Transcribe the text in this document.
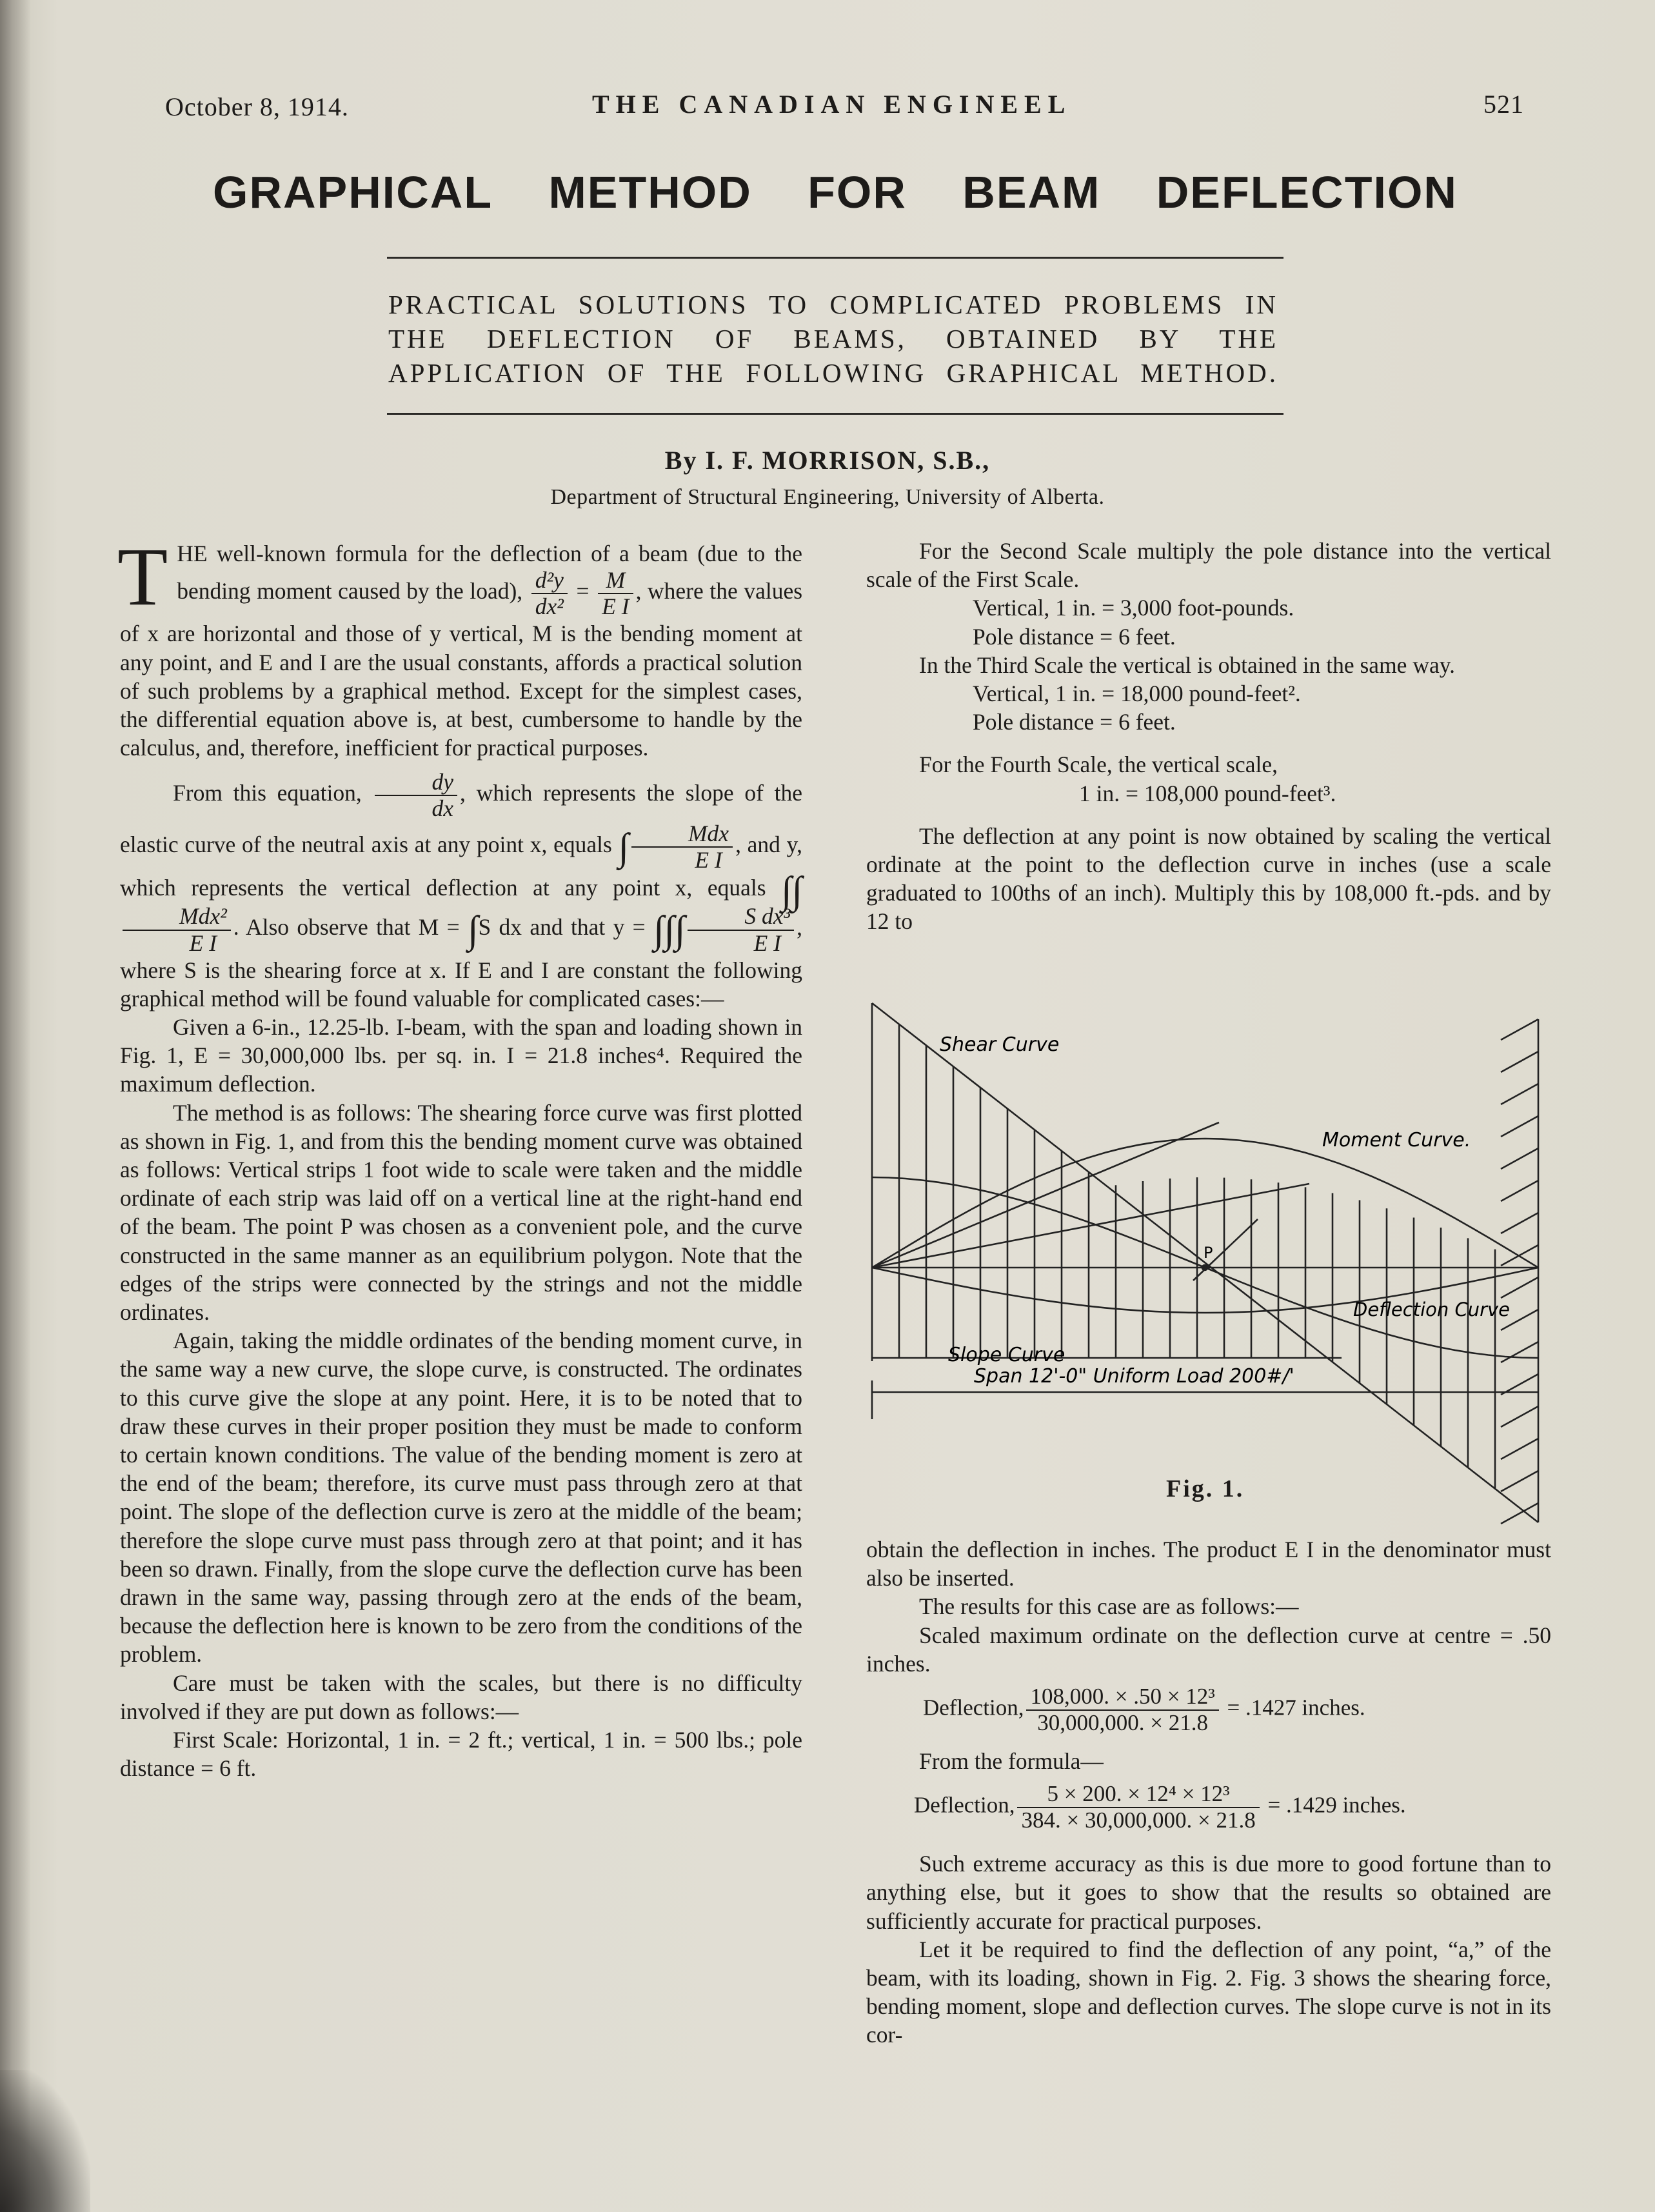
October 8, 1914.	THE CANADIAN ENGINEEL	521
GRAPHICAL METHOD FOR BEAM DEFLECTION
PRACTICAL SOLUTIONS TO COMPLICATED PROBLEMS IN THE DEFLECTION OF BEAMS, OBTAINED BY THE APPLICATION OF THE FOLLOWING GRAPHICAL METHOD.
By I. F. MORRISON, S.B.,
Department of Structural Engineering, University of Alberta.

THE well-known formula for the deflection of a beam (due to the bending moment caused by the load), $\frac{\text{d²y}}{\text{dx²}} = \frac{M}{\text{E I}}$ , where the values of x are horizontal and those of y vertical, M is the bending moment at any point, and E and I are the usual constants, affords a practical solution of such problems by a graphical method. Except for the simplest cases, the differential equation above is, at best, cumbersome to handle by the calculus, and, therefore, inefficient for practical purposes.

From this equation, $\frac{dy}{dx}$ , which represents the slope of the elastic curve of the neutral axis at any point x, equals ∫ $\frac{\text{Mdx}}{\text{E I}}$ , and y, which represents the vertical deflection at any point x, equals ∫∫
$\frac{\text{Mdx²}}{\text{E I}}$ . Also observe that M = ∫S dx and that y = ∫∫∫ $\frac{\text{S dx³}}{\text{E I}}$ , where S is the shearing force at x. If E and I are constant the following graphical method will be found valuable for complicated cases:—

Given a 6-in., 12.25-lb. I-beam, with the span and loading shown in Fig. 1, E = 30,000,000 lbs. per sq. in. I = 21.8 inches⁴. Required the maximum deflection.

The method is as follows: The shearing force curve was first plotted as shown in Fig. 1, and from this the bending moment curve was obtained as follows: Vertical strips 1 foot wide to scale were taken and the middle ordinate of each strip was laid off on a vertical line at the right-hand end of the beam. The point P was chosen as a convenient pole, and the curve constructed in the same manner as an equilibrium polygon. Note that the edges of the strips were connected by the strings and not the middle ordinates.

Again, taking the middle ordinates of the bending moment curve, in the same way a new curve, the slope curve, is constructed. The ordinates to this curve give the slope at any point. Here, it is to be noted that to draw these curves in their proper position they must be made to conform to certain known conditions. The value of the bending moment is zero at the end of the beam; therefore, its curve must pass through zero at that point. The slope of the deflection curve is zero at the middle of the beam; therefore the slope curve must pass through zero at that point; and it has been so drawn. Finally, from the slope curve the deflection curve has been drawn in the same way, passing through zero at the ends of the beam, because the deflection here is known to be zero from the conditions of the problem.

Care must be taken with the scales, but there is no difficulty involved if they are put down as follows:—

First Scale: Horizontal, 1 in. = 2 ft.; vertical, 1 in. = 500 lbs.; pole distance = 6 ft.

For the Second Scale multiply the pole distance into the vertical scale of the First Scale.

Vertical, 1 in. = 3,000 foot-pounds.

Pole distance = 6 feet.

In the Third Scale the vertical is obtained in the same way.

Vertical, 1 in. = 18,000 pound-feet².

Pole distance = 6 feet.

For the Fourth Scale, the vertical scale,

1 in. = 108,000 pound-feet³.

The deflection at any point is now obtained by scaling the vertical ordinate at the point to the deflection curve in inches (use a scale graduated to 100ths of an inch). Multiply this by 108,000 ft.-pds. and by 12 to

Shear Curve
Moment Curve.
Deflection Curve
Slope Curve
Span 12'-0" Uniform Load 200#/'
P
Fig. 1.

obtain the deflection in inches. The product E I in the denominator must also be inserted.

The results for this case are as follows:—

Scaled maximum ordinate on the deflection curve at centre = .50 inches.

Deflection, $\frac{\text{108,000. × .50 × 12³}}{30,000,000. \times 21.8} = .1427$ inches.

From the formula—

Deflection, $\frac{\text{5 × 200. × 12⁴ × 12³}}{384. \times 30,000,000. \times 21.8} = .1429$ inches.

Such extreme accuracy as this is due more to good fortune than to anything else, but it goes to show that the results so obtained are sufficiently accurate for practical purposes.

Let it be required to find the deflection of any point, “a,” of the beam, with its loading, shown in Fig. 2. Fig. 3 shows the shearing force, bending moment, slope and deflection curves. The slope curve is not in its cor-
